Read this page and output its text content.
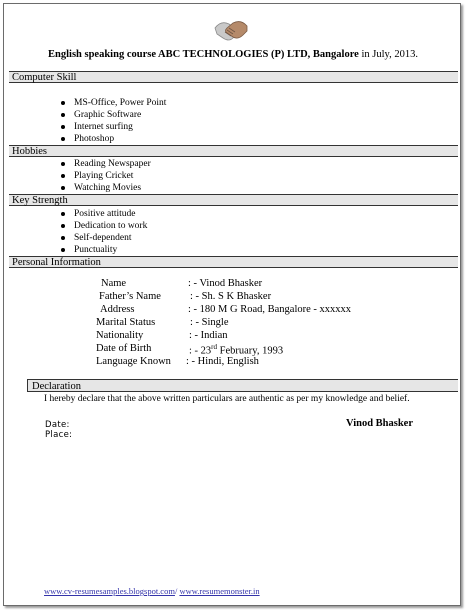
English speaking course ABC TECHNOLOGIES (P) LTD, Bangalore in July, 2013.
Computer Skill
MS-Office, Power Point
Graphic Software
Internet surfing
Photoshop
Hobbies
Reading Newspaper
Playing Cricket
Watching Movies
Key Strength
Positive attitude
Dedication to work
Self-dependent
Punctuality
Personal Information
Name	: - Vinod Bhasker
Father’s Name	: - Sh. S K Bhasker
Address	: - 180 M G Road, Bangalore - xxxxxx
Marital Status	: - Single
Nationality	: - Indian
Date of Birth	: - 23rd February, 1993
Language Known : - Hindi, English
Declaration
I hereby declare that the above written particulars are authentic as per my knowledge and belief.
Date:
Place:
Vinod Bhasker
www.cv-resumesamples.blogspot.com/ www.resumemonster.in
